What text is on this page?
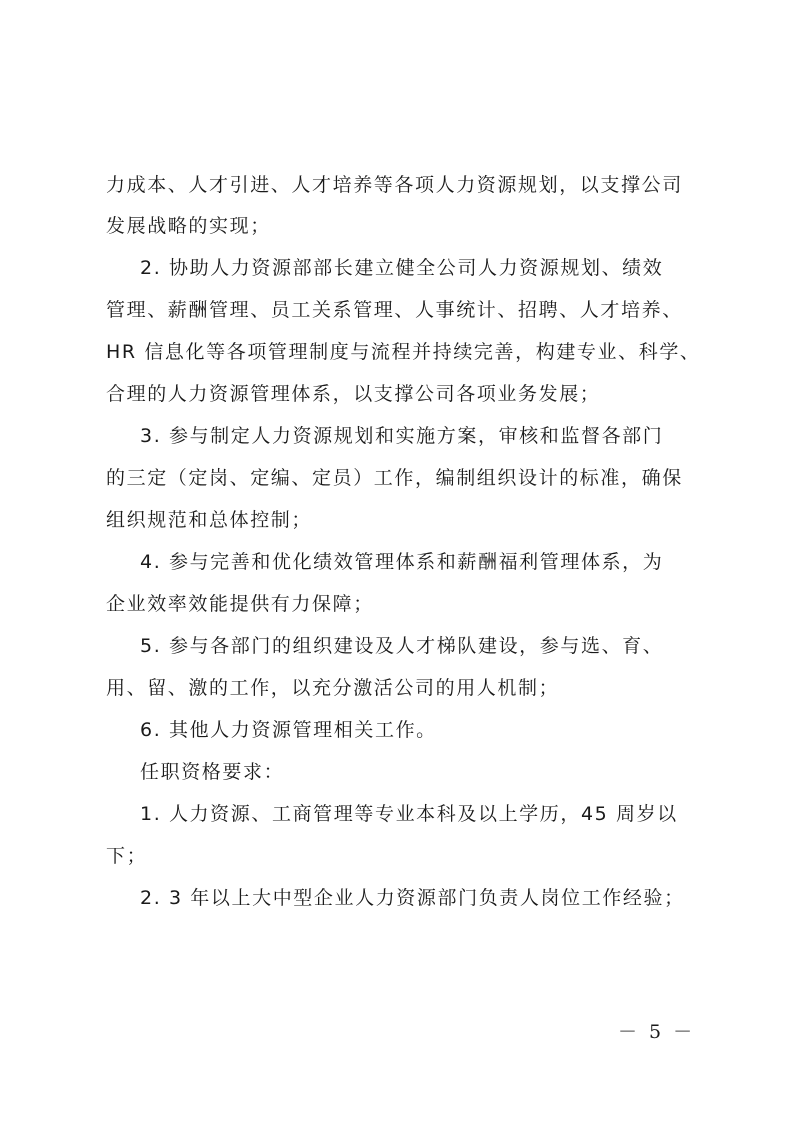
力成本、人才引进、人才培养等各项人力资源规划，以支撑公司
发展战略的实现；
2. 协助人力资源部部长建立健全公司人力资源规划、绩效
管理、薪酬管理、员工关系管理、人事统计、招聘、人才培养、
HR 信息化等各项管理制度与流程并持续完善，构建专业、科学、
合理的人力资源管理体系，以支撑公司各项业务发展；
3. 参与制定人力资源规划和实施方案，审核和监督各部门
的三定（定岗、定编、定员）工作，编制组织设计的标准，确保
组织规范和总体控制；
4. 参与完善和优化绩效管理体系和薪酬福利管理体系，为
企业效率效能提供有力保障；
5. 参与各部门的组织建设及人才梯队建设，参与选、育、
用、留、激的工作，以充分激活公司的用人机制；
6. 其他人力资源管理相关工作。
任职资格要求：
1. 人力资源、工商管理等专业本科及以上学历，45 周岁以
下；
2. 3 年以上大中型企业人力资源部门负责人岗位工作经验；
－ 5 －
